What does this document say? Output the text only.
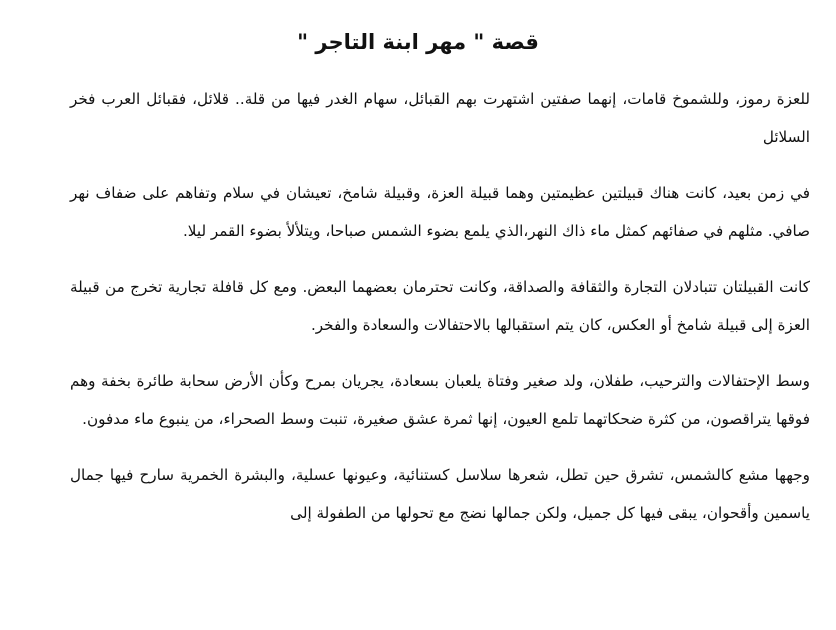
قصة " مهر ابنة التاجر "

للعزة رموز، وللشموخ قامات، إنهما صفتين اشتهرت بهم القبائل، سهام الغدر فيها من قلة.. قلائل، فقبائل العرب فخر السلائل

في زمن بعيد، كانت هناك قبيلتين عظيمتين وهما قبيلة العزة، وقبيلة شامخ، تعيشان في سلام وتفاهم على ضفاف نهر صافي. مثلهم في صفائهم كمثل ماء ذاك النهر،الذي يلمع بضوء الشمس صباحا، ويتلألأ بضوء القمر ليلا.

كانت القبيلتان تتبادلان التجارة والثقافة والصداقة، وكانت تحترمان بعضهما البعض. ومع كل قافلة تجارية تخرج من قبيلة العزة إلى قبيلة شامخ أو العكس، كان يتم استقبالها بالاحتفالات والسعادة والفخر.

وسط الإحتفالات والترحيب، طفلان، ولد صغير وفتاة يلعبان بسعادة، يجريان بمرح وكأن الأرض سحابة طائرة بخفة وهم فوقها يتراقصون، من كثرة ضحكاتهما تلمع العيون، إنها ثمرة عشق صغيرة، تنبت وسط الصحراء، من ينبوع ماء مدفون.

وجهها مشع كالشمس، تشرق حين تطل، شعرها سلاسل كستنائية، وعيونها عسلية، والبشرة الخمرية سارح فيها جمال ياسمين وأقحوان، يبقى فيها كل جميل، ولكن جمالها نضج مع تحولها من الطفولة إلى
